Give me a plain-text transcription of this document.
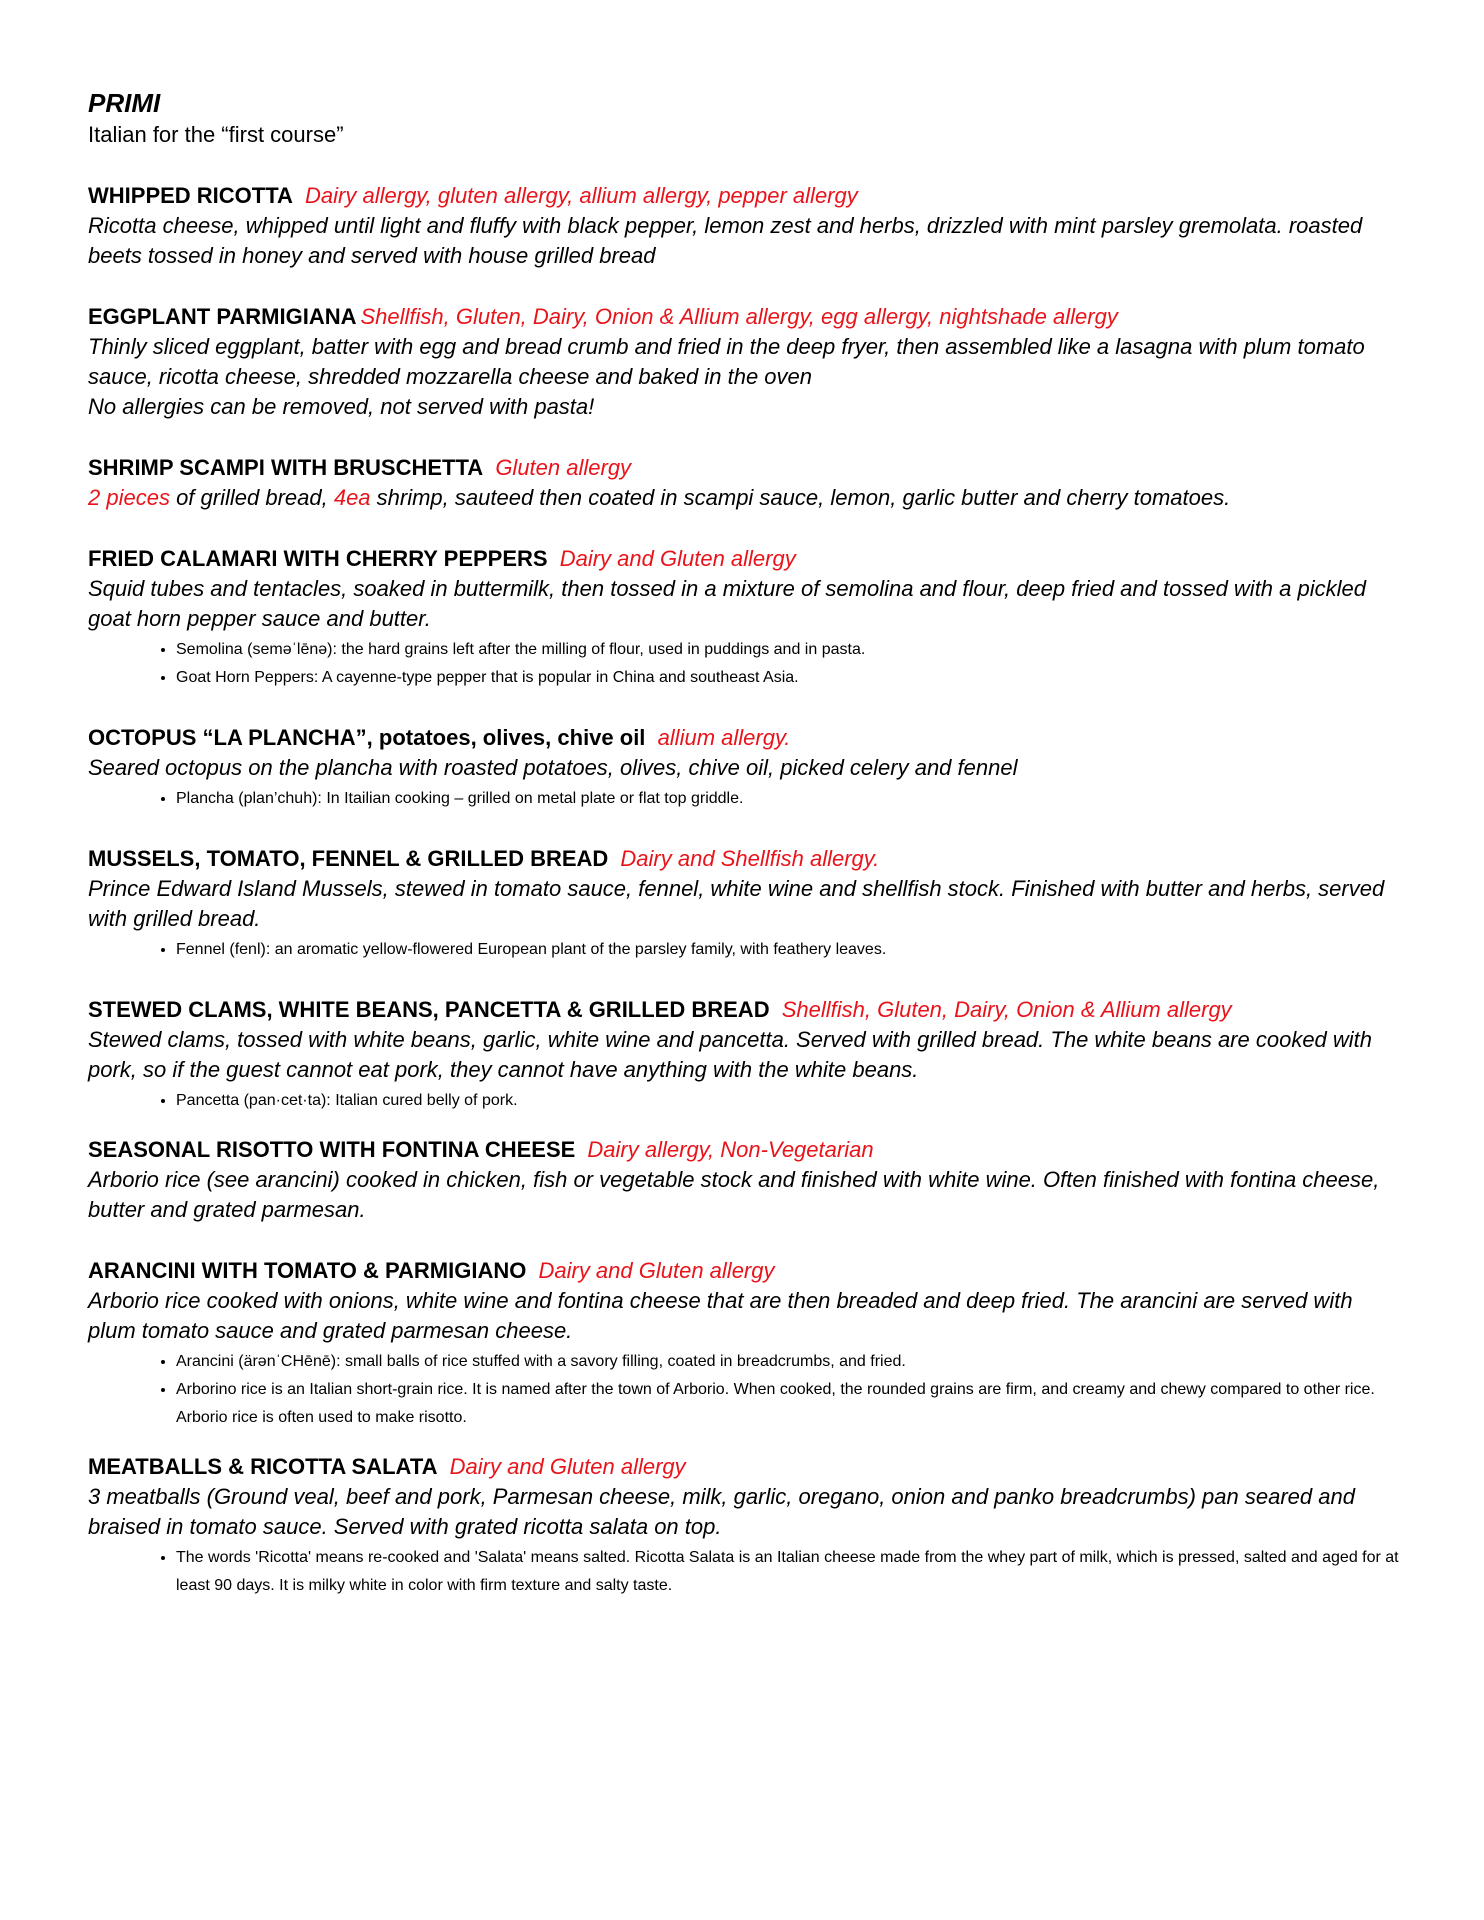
PRIMI

Italian for the “first course”

WHIPPED RICOTTA Dairy allergy, gluten allergy, allium allergy, pepper allergy

Ricotta cheese, whipped until light and fluffy with black pepper, lemon zest and herbs, drizzled with mint parsley gremolata. roasted beets tossed in honey and served with house grilled bread

EGGPLANT PARMIGIANA Shellfish, Gluten, Dairy, Onion & Allium allergy, egg allergy, nightshade allergy

Thinly sliced eggplant, batter with egg and bread crumb and fried in the deep fryer, then assembled like a lasagna with plum tomato sauce, ricotta cheese, shredded mozzarella cheese and baked in the oven

No allergies can be removed, not served with pasta!

SHRIMP SCAMPI WITH BRUSCHETTA Gluten allergy

2 pieces of grilled bread, 4ea shrimp, sauteed then coated in scampi sauce, lemon, garlic butter and cherry tomatoes.

FRIED CALAMARI WITH CHERRY PEPPERS Dairy and Gluten allergy

Squid tubes and tentacles, soaked in buttermilk, then tossed in a mixture of semolina and flour, deep fried and tossed with a pickled goat horn pepper sauce and butter.

• Semolina (seməˈlēnə): the hard grains left after the milling of flour, used in puddings and in pasta.
• Goat Horn Peppers: A cayenne-type pepper that is popular in China and southeast Asia.

OCTOPUS “LA PLANCHA”, potatoes, olives, chive oil allium allergy.

Seared octopus on the plancha with roasted potatoes, olives, chive oil, picked celery and fennel

• Plancha (plan’chuh): In Itailian cooking – grilled on metal plate or flat top griddle.

MUSSELS, TOMATO, FENNEL & GRILLED BREAD Dairy and Shellfish allergy.

Prince Edward Island Mussels, stewed in tomato sauce, fennel, white wine and shellfish stock. Finished with butter and herbs, served with grilled bread.

• Fennel (fenl): an aromatic yellow-flowered European plant of the parsley family, with feathery leaves.

STEWED CLAMS, WHITE BEANS, PANCETTA & GRILLED BREAD Shellfish, Gluten, Dairy, Onion & Allium allergy

Stewed clams, tossed with white beans, garlic, white wine and pancetta. Served with grilled bread. The white beans are cooked with pork, so if the guest cannot eat pork, they cannot have anything with the white beans.

• Pancetta (pan·cet·ta): Italian cured belly of pork.

SEASONAL RISOTTO WITH FONTINA CHEESE Dairy allergy, Non-Vegetarian

Arborio rice (see arancini) cooked in chicken, fish or vegetable stock and finished with white wine. Often finished with fontina cheese, butter and grated parmesan.

ARANCINI WITH TOMATO & PARMIGIANO Dairy and Gluten allergy

Arborio rice cooked with onions, white wine and fontina cheese that are then breaded and deep fried. The arancini are served with plum tomato sauce and grated parmesan cheese.

• Arancini (ärənˈCHēnē): small balls of rice stuffed with a savory filling, coated in breadcrumbs, and fried.
• Arborino rice is an Italian short-grain rice. It is named after the town of Arborio. When cooked, the rounded grains are firm, and creamy and chewy compared to other rice. Arborio rice is often used to make risotto.

MEATBALLS & RICOTTA SALATA Dairy and Gluten allergy

3 meatballs (Ground veal, beef and pork, Parmesan cheese, milk, garlic, oregano, onion and panko breadcrumbs) pan seared and braised in tomato sauce. Served with grated ricotta salata on top.

• The words 'Ricotta' means re-cooked and 'Salata' means salted. Ricotta Salata is an Italian cheese made from the whey part of milk, which is pressed, salted and aged for at least 90 days. It is milky white in color with firm texture and salty taste.
